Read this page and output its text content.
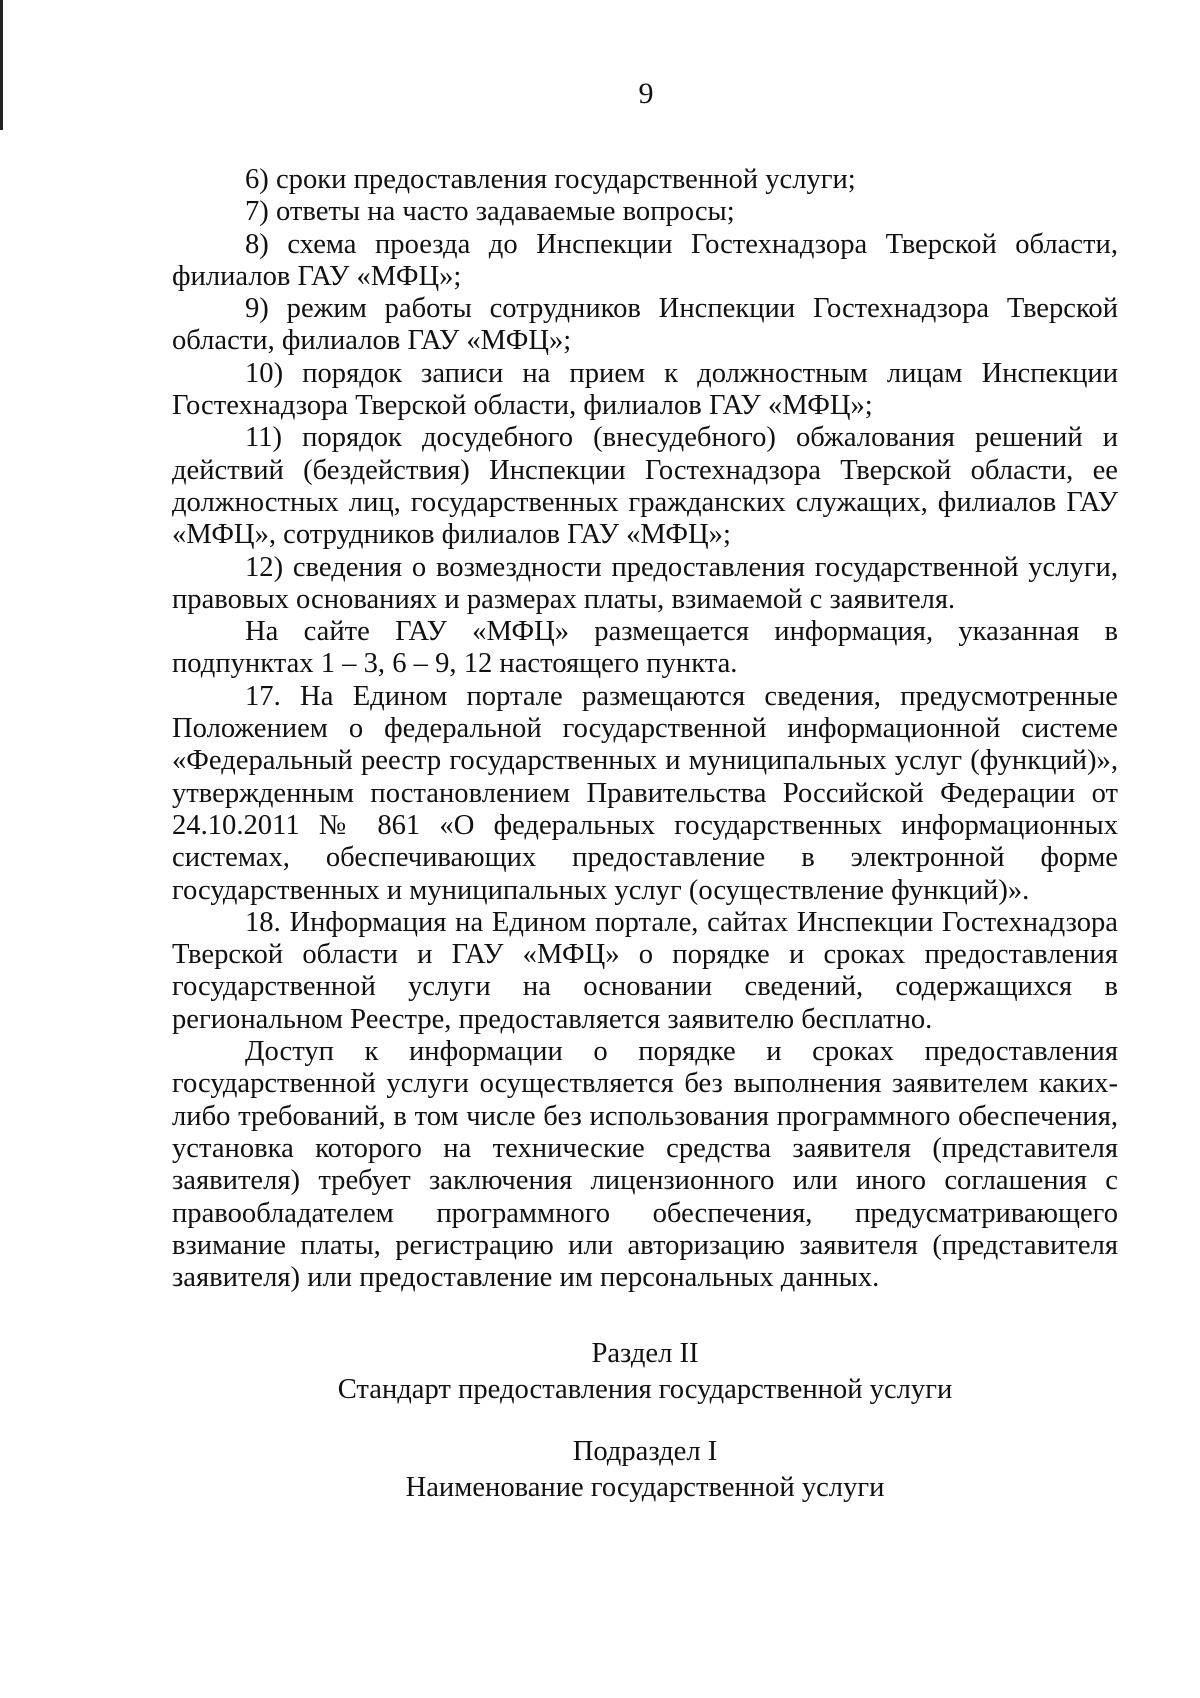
9

6) сроки предоставления государственной услуги;

7) ответы на часто задаваемые вопросы;

8) схема проезда до Инспекции Гостехнадзора Тверской области, филиалов ГАУ «МФЦ»;

9) режим работы сотрудников Инспекции Гостехнадзора Тверской области, филиалов ГАУ «МФЦ»;

10) порядок записи на прием к должностным лицам Инспекции Гостехнадзора Тверской области, филиалов ГАУ «МФЦ»;

11) порядок досудебного (внесудебного) обжалования решений и действий (бездействия) Инспекции Гостехнадзора Тверской области, ее должностных лиц, государственных гражданских служащих, филиалов ГАУ «МФЦ», сотрудников филиалов ГАУ «МФЦ»;

12) сведения о возмездности предоставления государственной услуги, правовых основаниях и размерах платы, взимаемой с заявителя.

На сайте ГАУ «МФЦ» размещается информация, указанная в подпунктах 1 – 3, 6 – 9, 12 настоящего пункта.

17. На Едином портале размещаются сведения, предусмотренные Положением о федеральной государственной информационной системе «Федеральный реестр государственных и муниципальных услуг (функций)», утвержденным постановлением Правительства Российской Федерации от 24.10.2011 № 861 «О федеральных государственных информационных системах, обеспечивающих предоставление в электронной форме государственных и муниципальных услуг (осуществление функций)».

18. Информация на Едином портале, сайтах Инспекции Гостехнадзора Тверской области и ГАУ «МФЦ» о порядке и сроках предоставления государственной услуги на основании сведений, содержащихся в региональном Реестре, предоставляется заявителю бесплатно.

Доступ к информации о порядке и сроках предоставления государственной услуги осуществляется без выполнения заявителем каких-либо требований, в том числе без использования программного обеспечения, установка которого на технические средства заявителя (представителя заявителя) требует заключения лицензионного или иного соглашения с правообладателем программного обеспечения, предусматривающего взимание платы, регистрацию или авторизацию заявителя (представителя заявителя) или предоставление им персональных данных.

Раздел II

Стандарт предоставления государственной услуги

Подраздел I

Наименование государственной услуги
